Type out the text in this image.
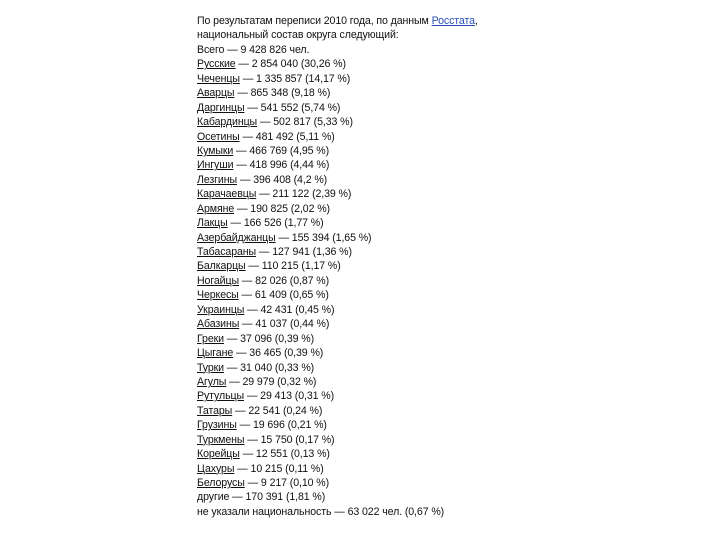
По результатам переписи 2010 года, по данным Росстата,
национальный состав округа следующий:
Всего — 9 428 826 чел.
Русские — 2 854 040 (30,26 %)
Чеченцы — 1 335 857 (14,17 %)
Аварцы — 865 348 (9,18 %)
Даргинцы — 541 552 (5,74 %)
Кабардинцы — 502 817 (5,33 %)
Осетины — 481 492 (5,11 %)
Кумыки — 466 769 (4,95 %)
Ингуши — 418 996 (4,44 %)
Лезгины — 396 408 (4,2 %)
Карачаевцы — 211 122 (2,39 %)
Армяне — 190 825 (2,02 %)
Лакцы — 166 526 (1,77 %)
Азербайджанцы — 155 394 (1,65 %)
Табасараны — 127 941 (1,36 %)
Балкарцы — 110 215 (1,17 %)
Ногайцы — 82 026 (0,87 %)
Черкесы — 61 409 (0,65 %)
Украинцы — 42 431 (0,45 %)
Абазины — 41 037 (0,44 %)
Греки — 37 096 (0,39 %)
Цыгане — 36 465 (0,39 %)
Турки — 31 040 (0,33 %)
Агулы — 29 979 (0,32 %)
Рутульцы — 29 413 (0,31 %)
Татары — 22 541 (0,24 %)
Грузины — 19 696 (0,21 %)
Туркмены — 15 750 (0,17 %)
Корейцы — 12 551 (0,13 %)
Цахуры — 10 215 (0,11 %)
Белорусы — 9 217 (0,10 %)
другие — 170 391 (1,81 %)
не указали национальность — 63 022 чел. (0,67 %)
